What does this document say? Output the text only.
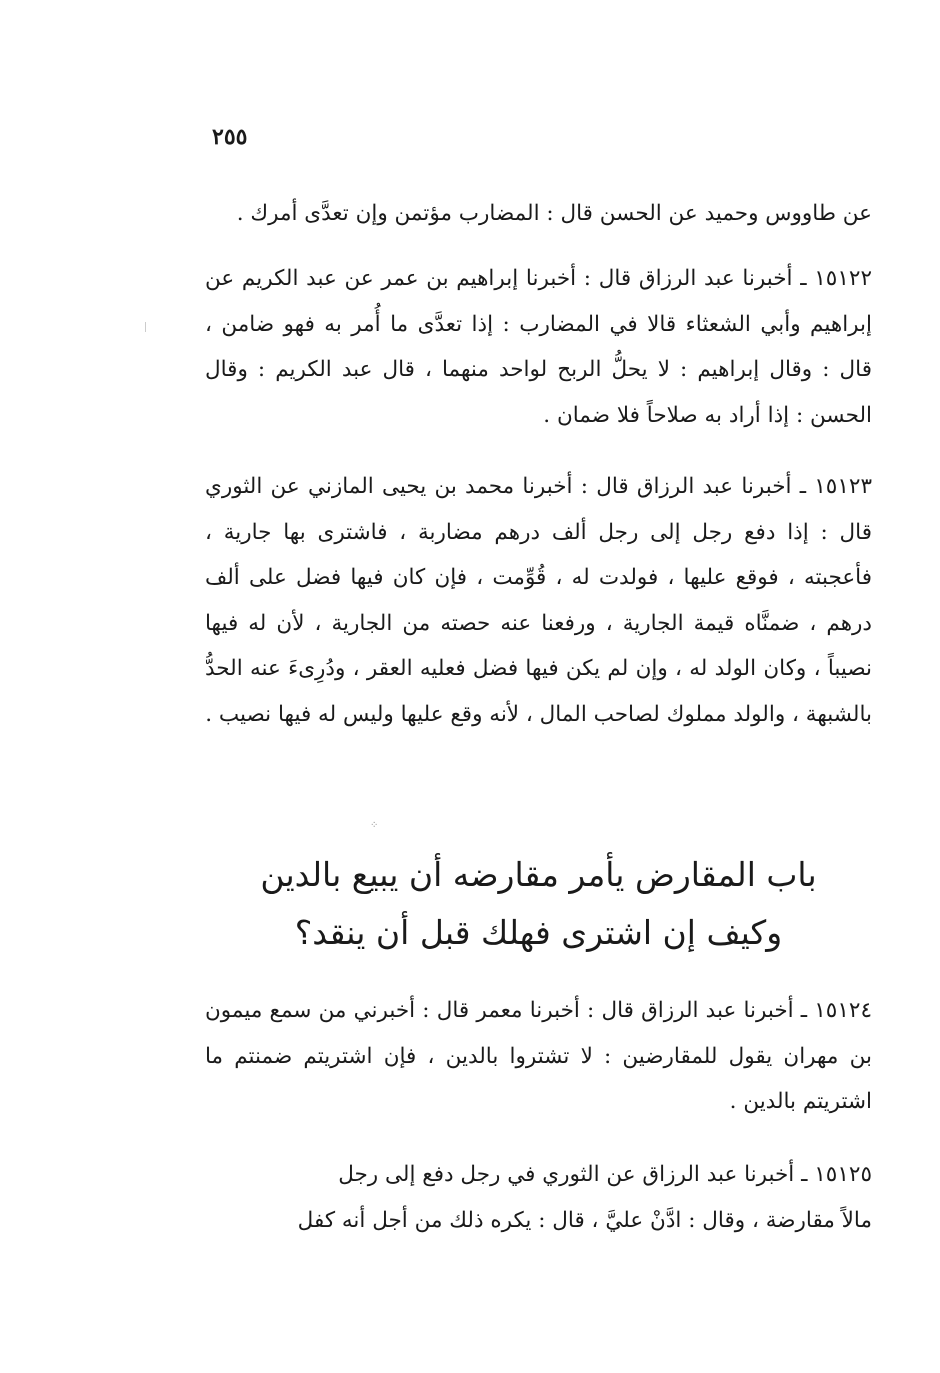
٢٥٥

عن طاووس وحميد عن الحسن قال : المضارب مؤتمن وإن تعدَّى أمرك .

١٥١٢٢ ـ أخبرنا عبد الرزاق قال : أخبرنا إبراهيم بن عمر عن عبد الكريم عن إبراهيم وأبي الشعثاء قالا في المضارب : إذا تعدَّى ما أُمر به فهو ضامن ، قال : وقال إبراهيم : لا يحلُّ الربح لواحد منهما ، قال عبد الكريم : وقال الحسن : إذا أراد به صلاحاً فلا ضمان .

١٥١٢٣ ـ أخبرنا عبد الرزاق قال : أخبرنا محمد بن يحيى المازني عن الثوري قال : إذا دفع رجل إلى رجل ألف درهم مضاربة ، فاشترى بها جارية ، فأعجبته ، فوقع عليها ، فولدت له ، قُوِّمت ، فإن كان فيها فضل على ألف درهم ، ضمنَّاه قيمة الجارية ، ورفعنا عنه حصته من الجارية ، لأن له فيها نصيباً ، وكان الولد له ، وإن لم يكن فيها فضل فعليه العقر ، ودُرِىءَ عنه الحدُّ بالشبهة ، والولد مملوك لصاحب المال ، لأنه وقع عليها وليس له فيها نصيب .

⁘
باب المقارض يأمر مقارضه أن يبيع بالدين
وكيف إن اشترى فهلك قبل أن ينقد؟

١٥١٢٤ ـ أخبرنا عبد الرزاق قال : أخبرنا معمر قال : أخبرني من سمع ميمون بن مهران يقول للمقارضين : لا تشتروا بالدين ، فإن اشتريتم ضمنتم ما اشتريتم بالدين .

١٥١٢٥ ـ أخبرنا عبد الرزاق عن الثوري في رجل دفع إلى رجل
مالاً مقارضة ، وقال : ادَّنْ عليَّ ، قال : يكره ذلك من أجل أنه كفل
